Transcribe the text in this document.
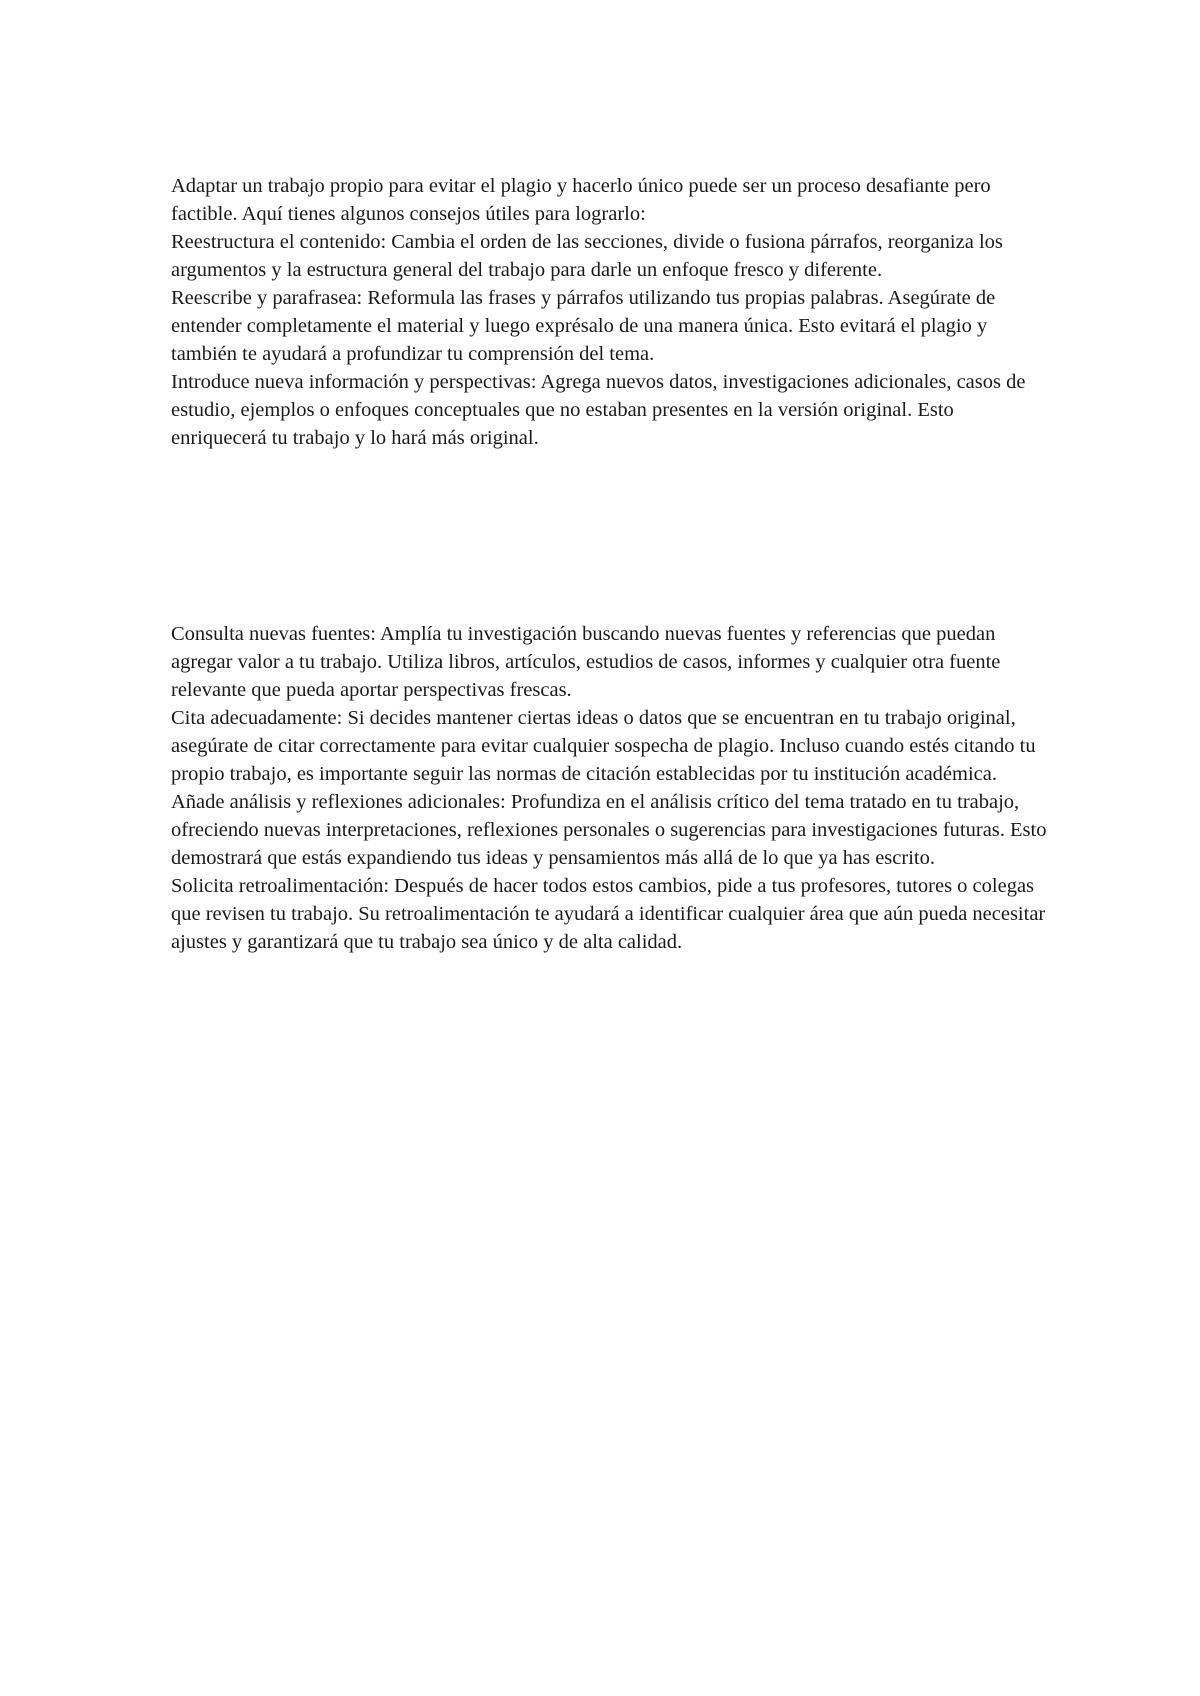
Adaptar un trabajo propio para evitar el plagio y hacerlo único puede ser un proceso desafiante pero factible. Aquí tienes algunos consejos útiles para lograrlo:

Reestructura el contenido: Cambia el orden de las secciones, divide o fusiona párrafos, reorganiza los argumentos y la estructura general del trabajo para darle un enfoque fresco y diferente.

Reescribe y parafrasea: Reformula las frases y párrafos utilizando tus propias palabras. Asegúrate de entender completamente el material y luego exprésalo de una manera única. Esto evitará el plagio y también te ayudará a profundizar tu comprensión del tema.

Introduce nueva información y perspectivas: Agrega nuevos datos, investigaciones adicionales, casos de estudio, ejemplos o enfoques conceptuales que no estaban presentes en la versión original. Esto enriquecerá tu trabajo y lo hará más original.

Consulta nuevas fuentes: Amplía tu investigación buscando nuevas fuentes y referencias que puedan agregar valor a tu trabajo. Utiliza libros, artículos, estudios de casos, informes y cualquier otra fuente relevante que pueda aportar perspectivas frescas.

Cita adecuadamente: Si decides mantener ciertas ideas o datos que se encuentran en tu trabajo original, asegúrate de citar correctamente para evitar cualquier sospecha de plagio. Incluso cuando estés citando tu propio trabajo, es importante seguir las normas de citación establecidas por tu institución académica.

Añade análisis y reflexiones adicionales: Profundiza en el análisis crítico del tema tratado en tu trabajo, ofreciendo nuevas interpretaciones, reflexiones personales o sugerencias para investigaciones futuras. Esto demostrará que estás expandiendo tus ideas y pensamientos más allá de lo que ya has escrito.

Solicita retroalimentación: Después de hacer todos estos cambios, pide a tus profesores, tutores o colegas que revisen tu trabajo. Su retroalimentación te ayudará a identificar cualquier área que aún pueda necesitar ajustes y garantizará que tu trabajo sea único y de alta calidad.
